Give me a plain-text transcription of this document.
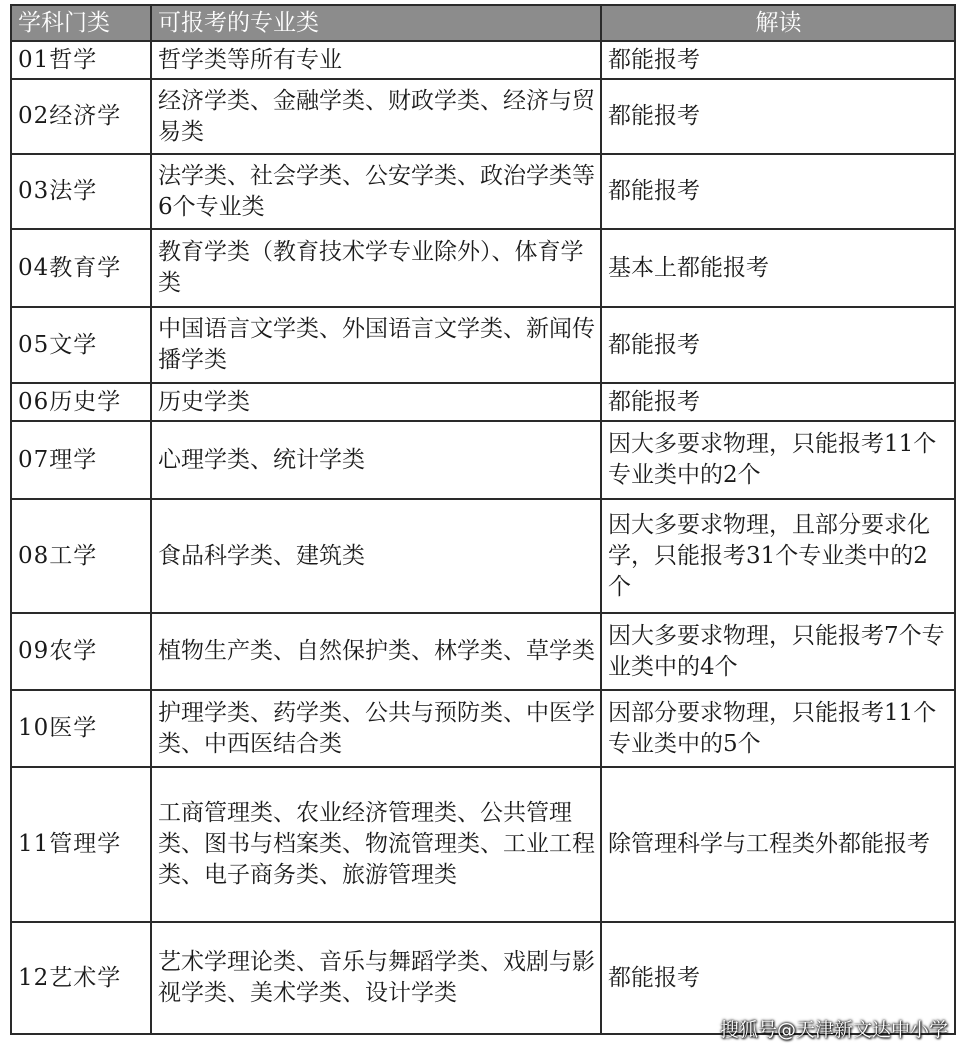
学科门类	可报考的专业类	解读
01哲学	哲学类等所有专业	都能报考
02经济学	经济学类、金融学类、财政学类、经济与贸易类	都能报考
03法学	法学类、社会学类、公安学类、政治学类等6个专业类	都能报考
04教育学	教育学类（教育技术学专业除外）、体育学类	基本上都能报考
05文学	中国语言文学类、外国语言文学类、新闻传播学类	都能报考
06历史学	历史学类	都能报考
07理学	心理学类、统计学类	因大多要求物理，只能报考11个专业类中的2个
08工学	食品科学类、建筑类	因大多要求物理，且部分要求化学，只能报考31个专业类中的2个
09农学	植物生产类、自然保护类、林学类、草学类	因大多要求物理，只能报考7个专业类中的4个
10医学	护理学类、药学类、公共与预防类、中医学类、中西医结合类	因部分要求物理，只能报考11个专业类中的5个
11管理学	工商管理类、农业经济管理类、公共管理类、图书与档案类、物流管理类、工业工程类、电子商务类、旅游管理类	除管理科学与工程类外都能报考
12艺术学	艺术学理论类、音乐与舞蹈学类、戏剧与影视学类、美术学类、设计学类	都能报考
搜狐号@天津新文达中小学
